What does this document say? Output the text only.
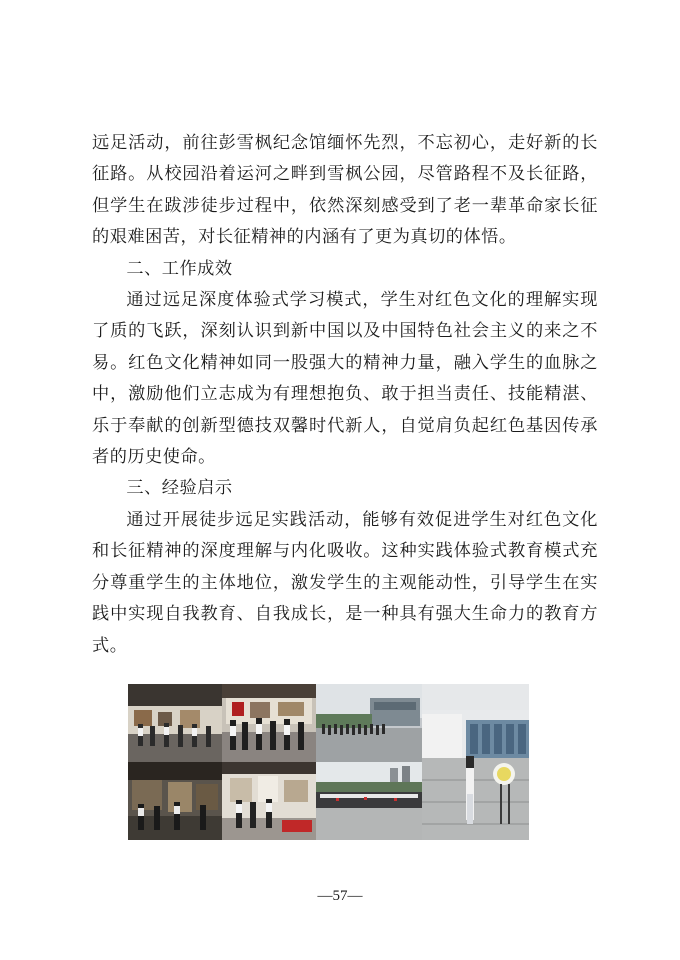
远足活动，前往彭雪枫纪念馆缅怀先烈，不忘初心，走好新的长征路。从校园沿着运河之畔到雪枫公园，尽管路程不及长征路，但学生在跋涉徒步过程中，依然深刻感受到了老一辈革命家长征的艰难困苦，对长征精神的内涵有了更为真切的体悟。

二、工作成效

通过远足深度体验式学习模式，学生对红色文化的理解实现了质的飞跃，深刻认识到新中国以及中国特色社会主义的来之不易。红色文化精神如同一股强大的精神力量，融入学生的血脉之中，激励他们立志成为有理想抱负、敢于担当责任、技能精湛、乐于奉献的创新型德技双馨时代新人，自觉肩负起红色基因传承者的历史使命。

三、经验启示

通过开展徒步远足实践活动，能够有效促进学生对红色文化和长征精神的深度理解与内化吸收。这种实践体验式教育模式充分尊重学生的主体地位，激发学生的主观能动性，引导学生在实践中实现自我教育、自我成长，是一种具有强大生命力的教育方式。

—57—
